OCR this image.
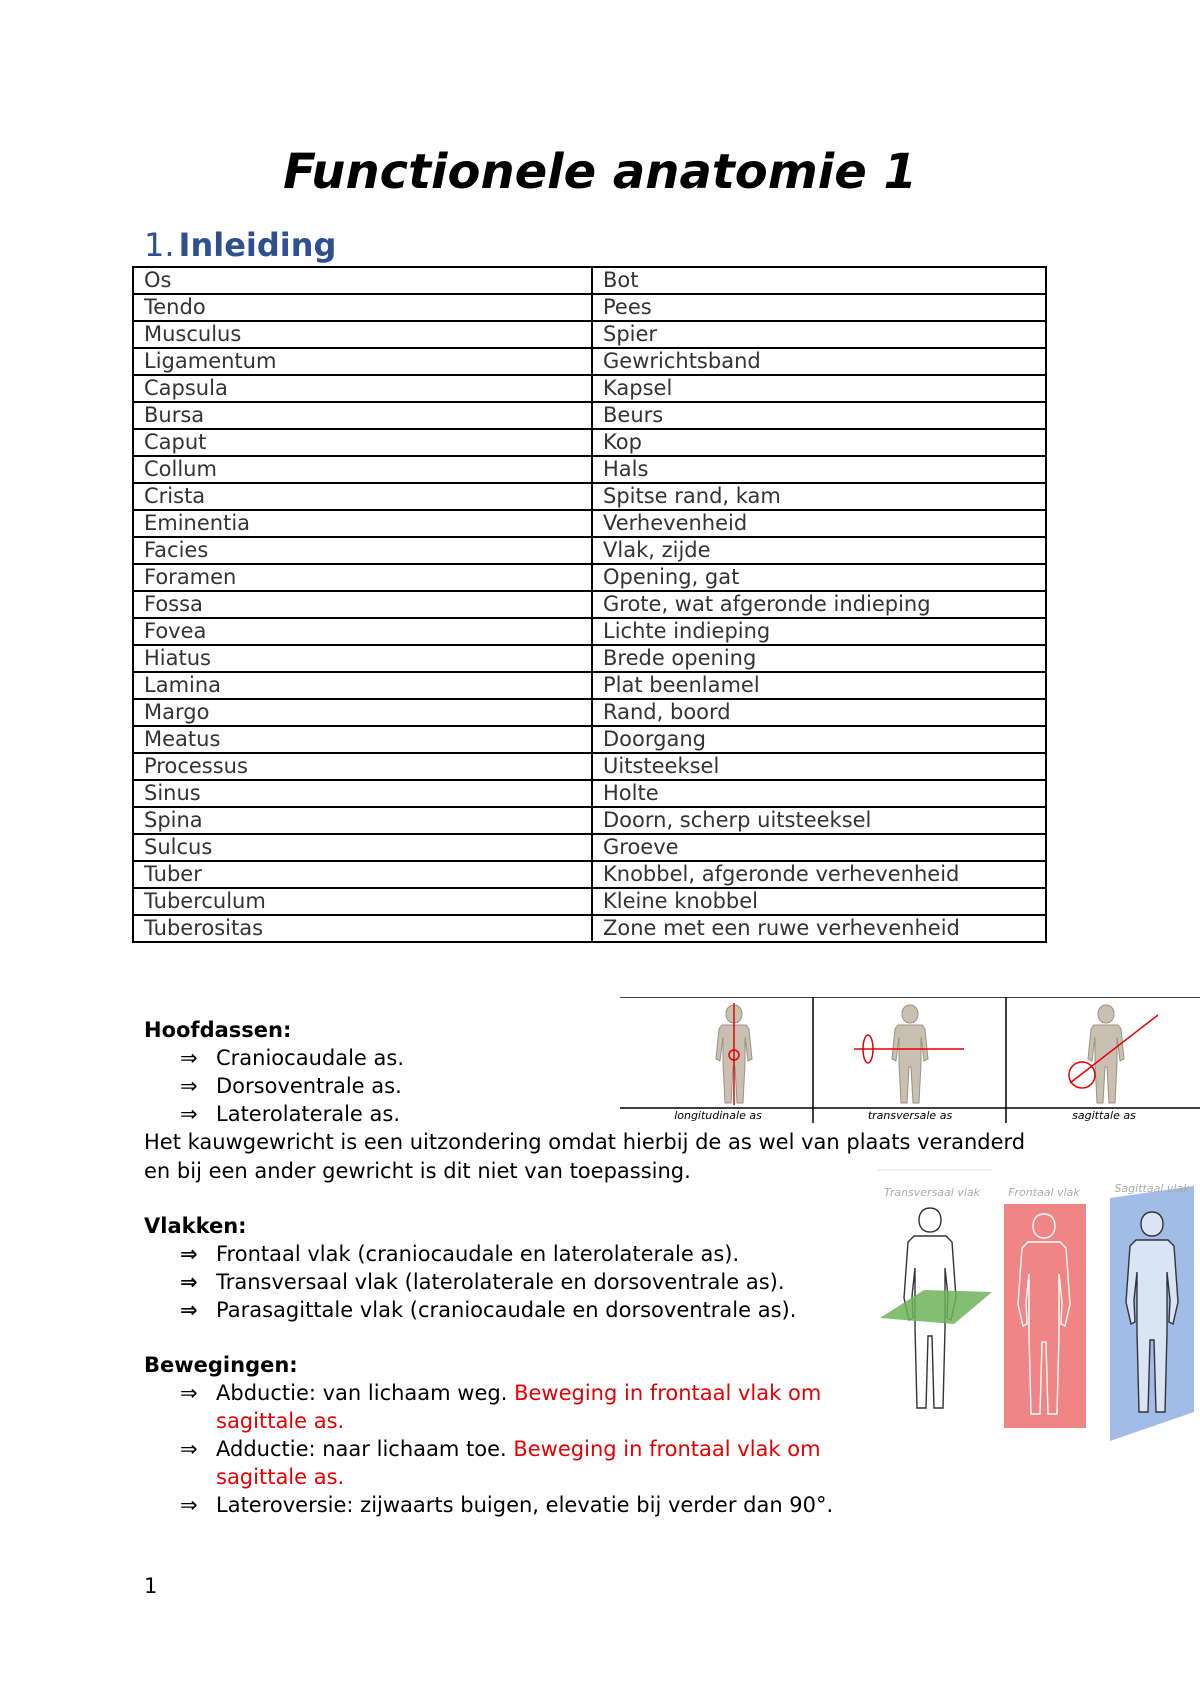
Functionele anatomie 1
1. Inleiding
Os	Bot
Tendo	Pees
Musculus	Spier
Ligamentum	Gewrichtsband
Capsula	Kapsel
Bursa	Beurs
Caput	Kop
Collum	Hals
Crista	Spitse rand, kam
Eminentia	Verhevenheid
Facies	Vlak, zijde
Foramen	Opening, gat
Fossa	Grote, wat afgeronde indieping
Fovea	Lichte indieping
Hiatus	Brede opening
Lamina	Plat beenlamel
Margo	Rand, boord
Meatus	Doorgang
Processus	Uitsteeksel
Sinus	Holte
Spina	Doorn, scherp uitsteeksel
Sulcus	Groeve
Tuber	Knobbel, afgeronde verhevenheid
Tuberculum	Kleine knobbel
Tuberositas	Zone met een ruwe verhevenheid
longitudinale as	transversale as	sagittale as
Transversaal vlak	Frontaal vlak	Sagittaal vlak
Hoofdassen:
⇒ Craniocaudale as.
⇒ Dorsoventrale as.
⇒ Laterolaterale as.

Het kauwgewricht is een uitzondering omdat hierbij de as wel van plaats veranderd en bij een ander gewricht is dit niet van toepassing.

Vlakken:
⇒ Frontaal vlak (craniocaudale en laterolaterale as).
⇒ Transversaal vlak (laterolaterale en dorsoventrale as).
⇒ Parasagittale vlak (craniocaudale en dorsoventrale as).
Bewegingen:
⇒ Abductie: van lichaam weg. Beweging in frontaal vlak om sagittale as.
⇒ Adductie: naar lichaam toe. Beweging in frontaal vlak om sagittale as.
⇒ Lateroversie: zijwaarts buigen, elevatie bij verder dan 90°.
1
